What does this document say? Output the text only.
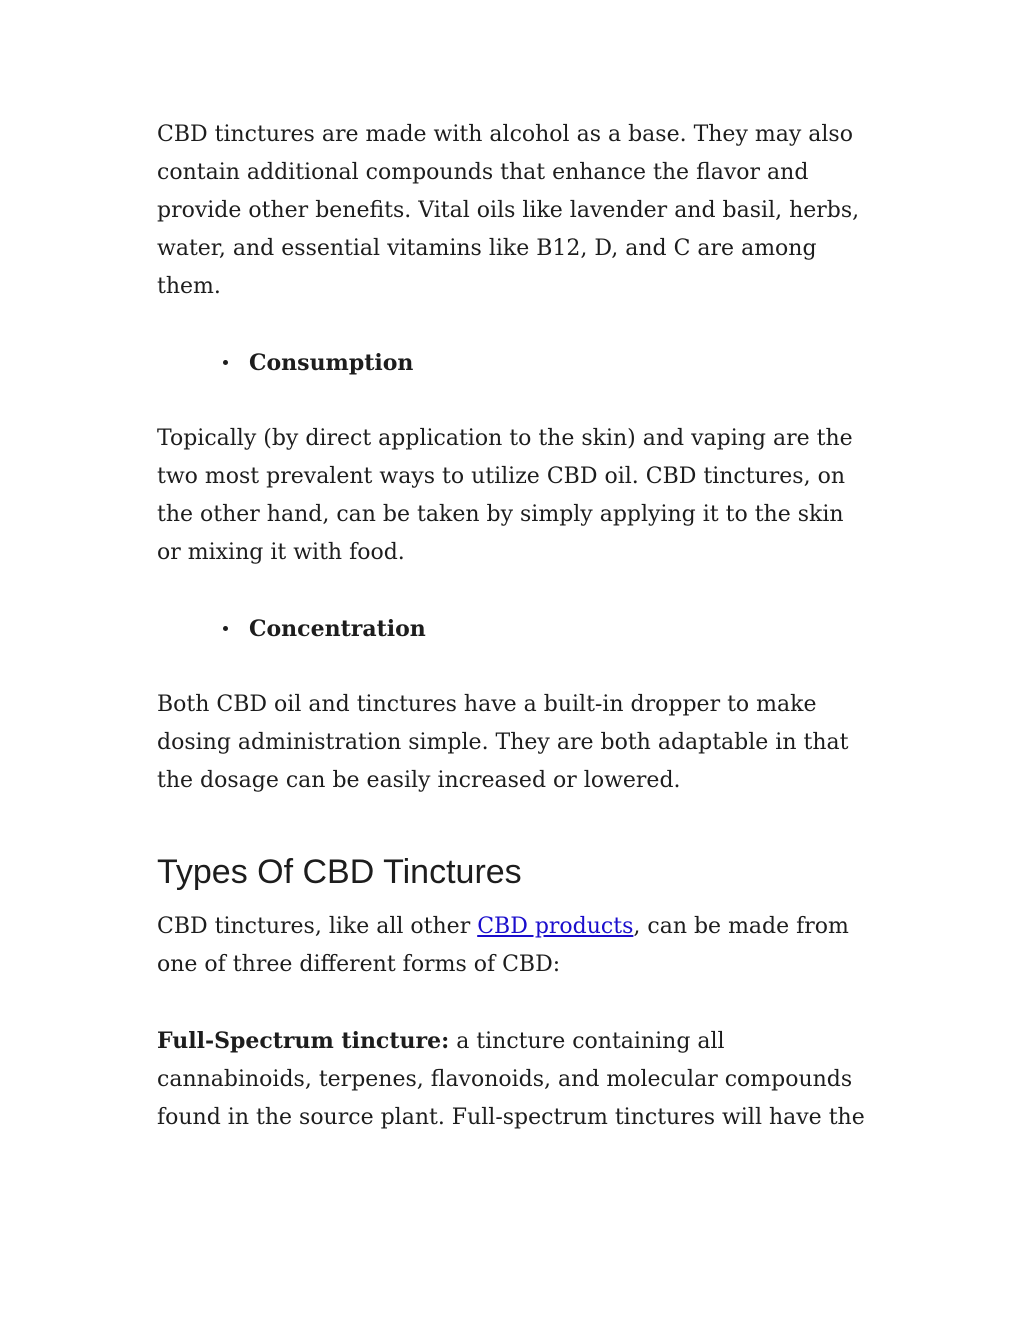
CBD tinctures are made with alcohol as a base. They may also contain additional compounds that enhance the flavor and provide other benefits. Vital oils like lavender and basil, herbs, water, and essential vitamins like B12, D, and C are among them.

Consumption

Topically (by direct application to the skin) and vaping are the two most prevalent ways to utilize CBD oil. CBD tinctures, on the other hand, can be taken by simply applying it to the skin or mixing it with food.

Concentration

Both CBD oil and tinctures have a built-in dropper to make dosing administration simple. They are both adaptable in that the dosage can be easily increased or lowered.

Types Of CBD Tinctures

CBD tinctures, like all other CBD products, can be made from one of three different forms of CBD:

Full-Spectrum tincture: a tincture containing all cannabinoids, terpenes, flavonoids, and molecular compounds found in the source plant. Full-spectrum tinctures will have the
